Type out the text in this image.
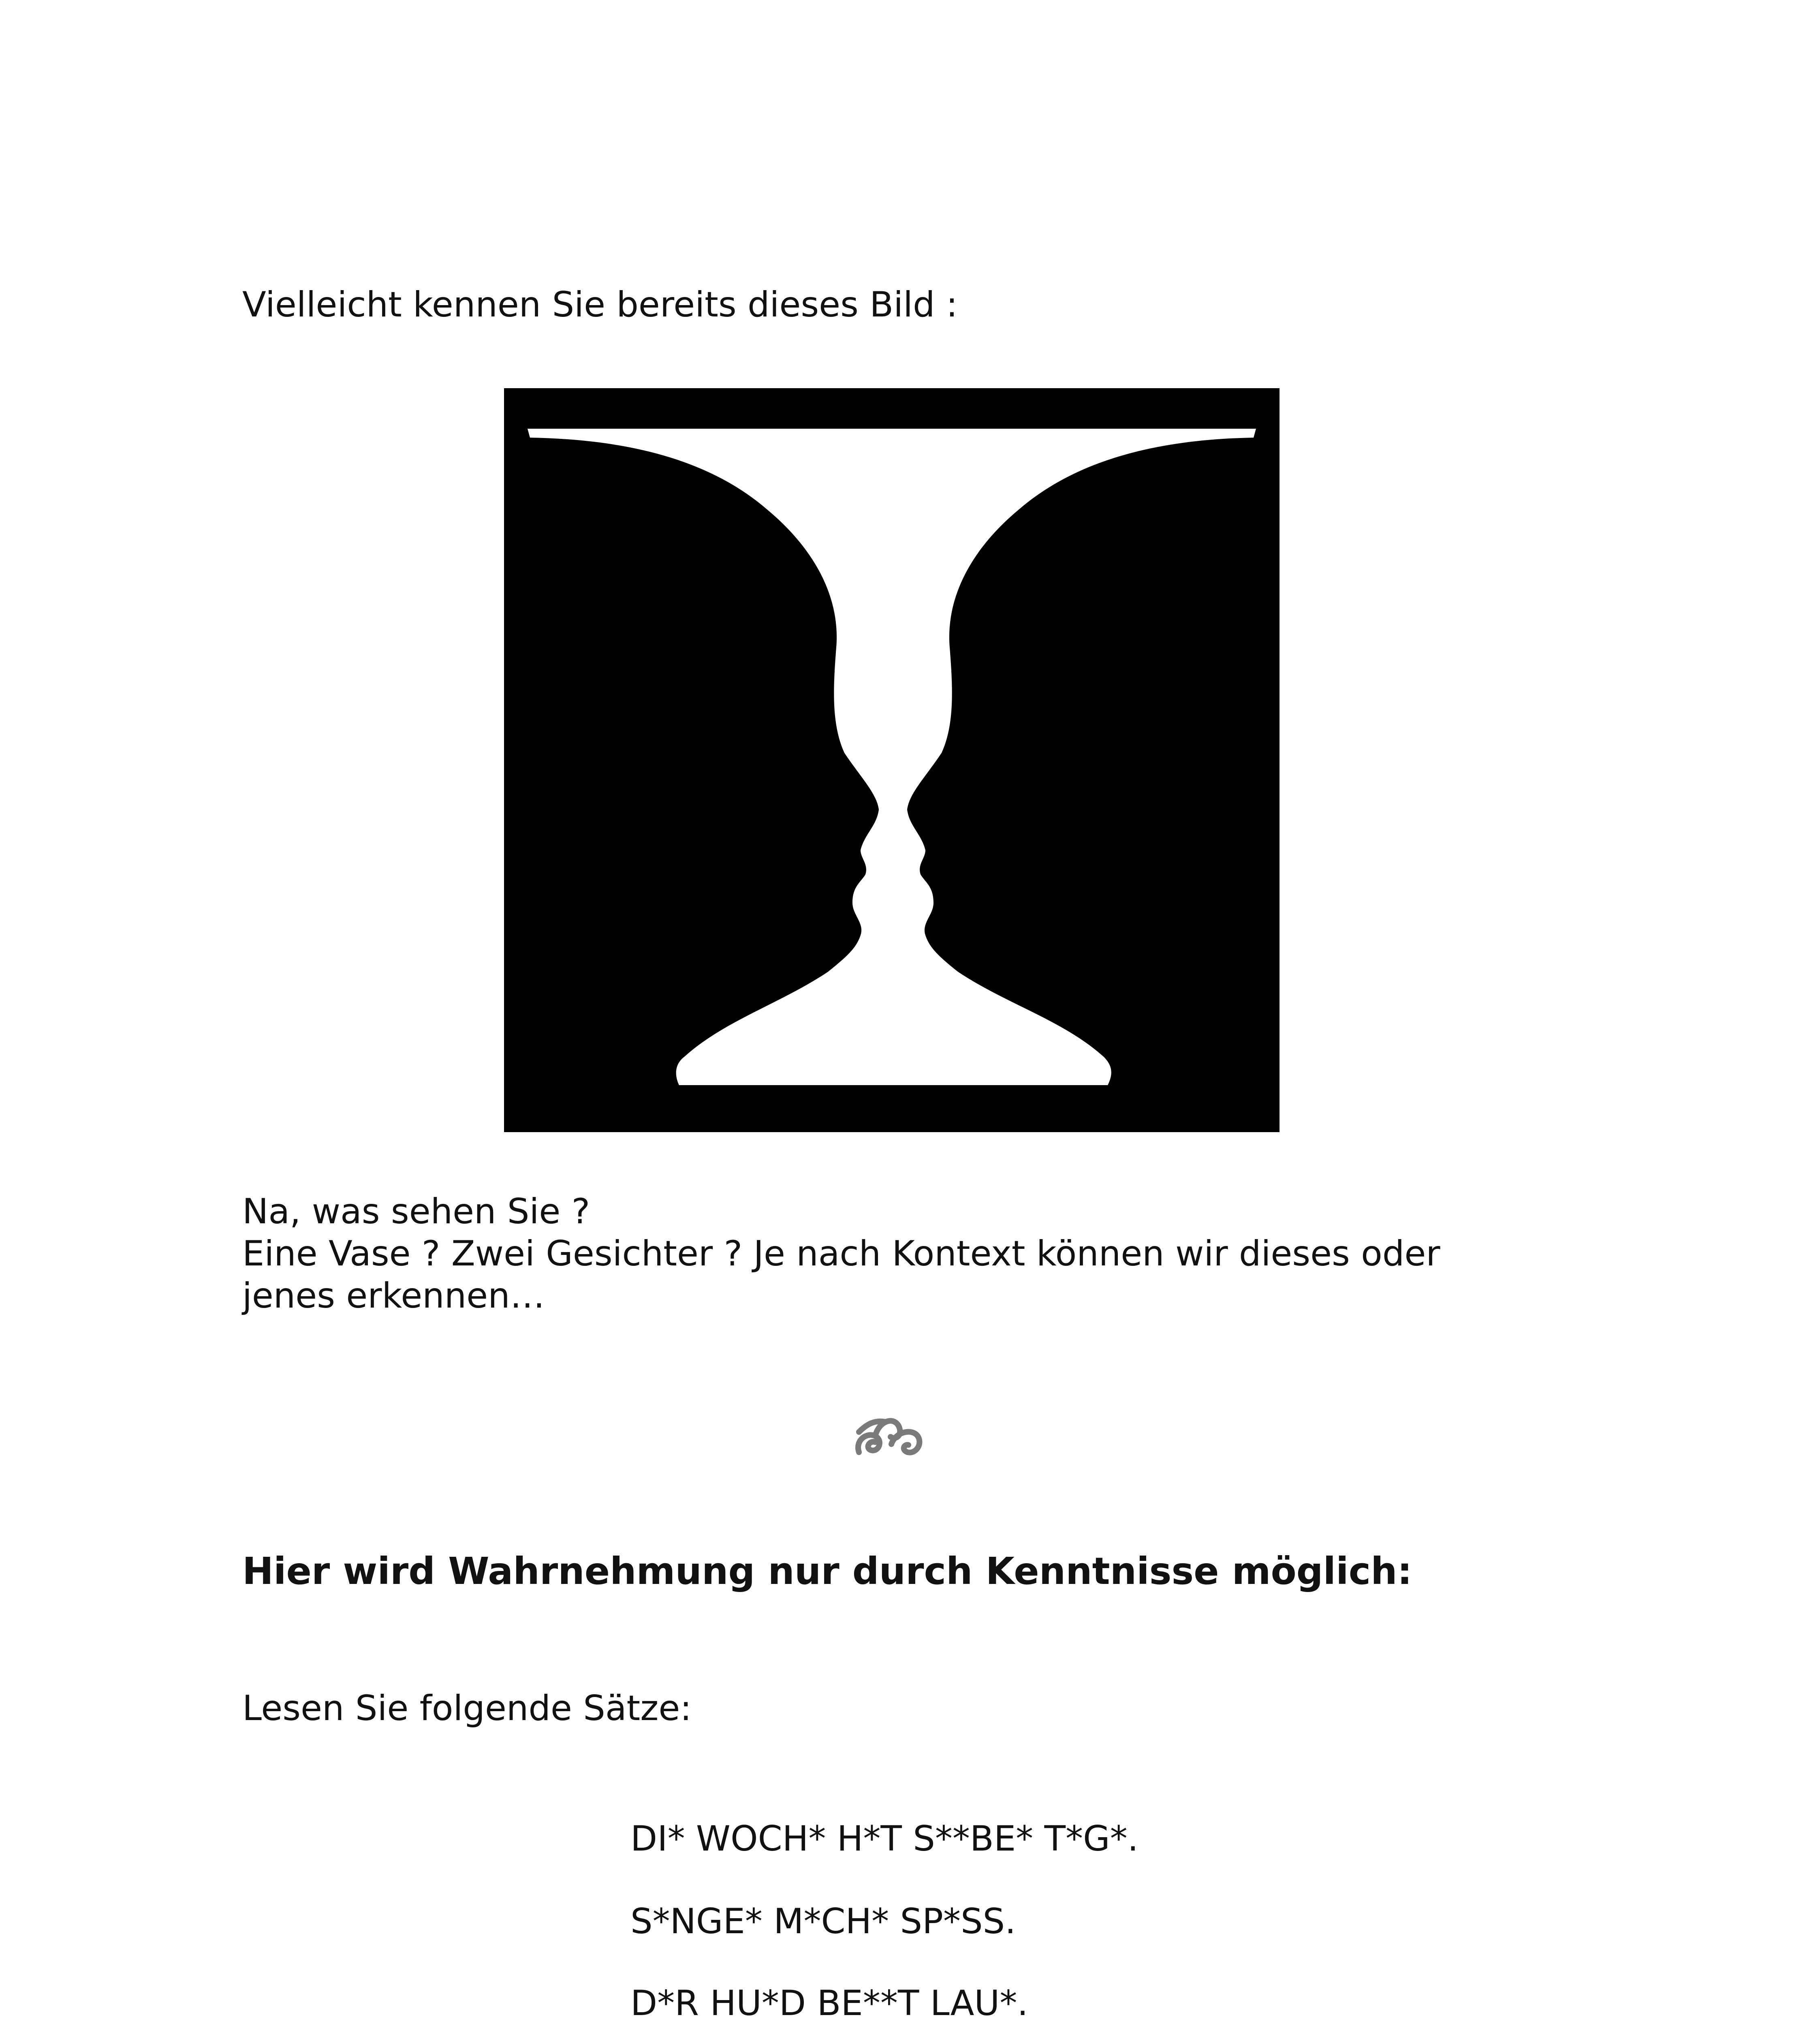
Vielleicht kennen Sie bereits dieses Bild :
Na, was sehen Sie ?
Eine Vase ? Zwei Gesichter ? Je nach Kontext können wir dieses oder jenes erkennen…
Hier wird Wahrnehmung nur durch Kenntnisse möglich:
Lesen Sie folgende Sätze:
DI* WOCH* H*T S**BE* T*G*.
S*NGE* M*CH* SP*SS.
D*R HU*D BE**T LAU*.
